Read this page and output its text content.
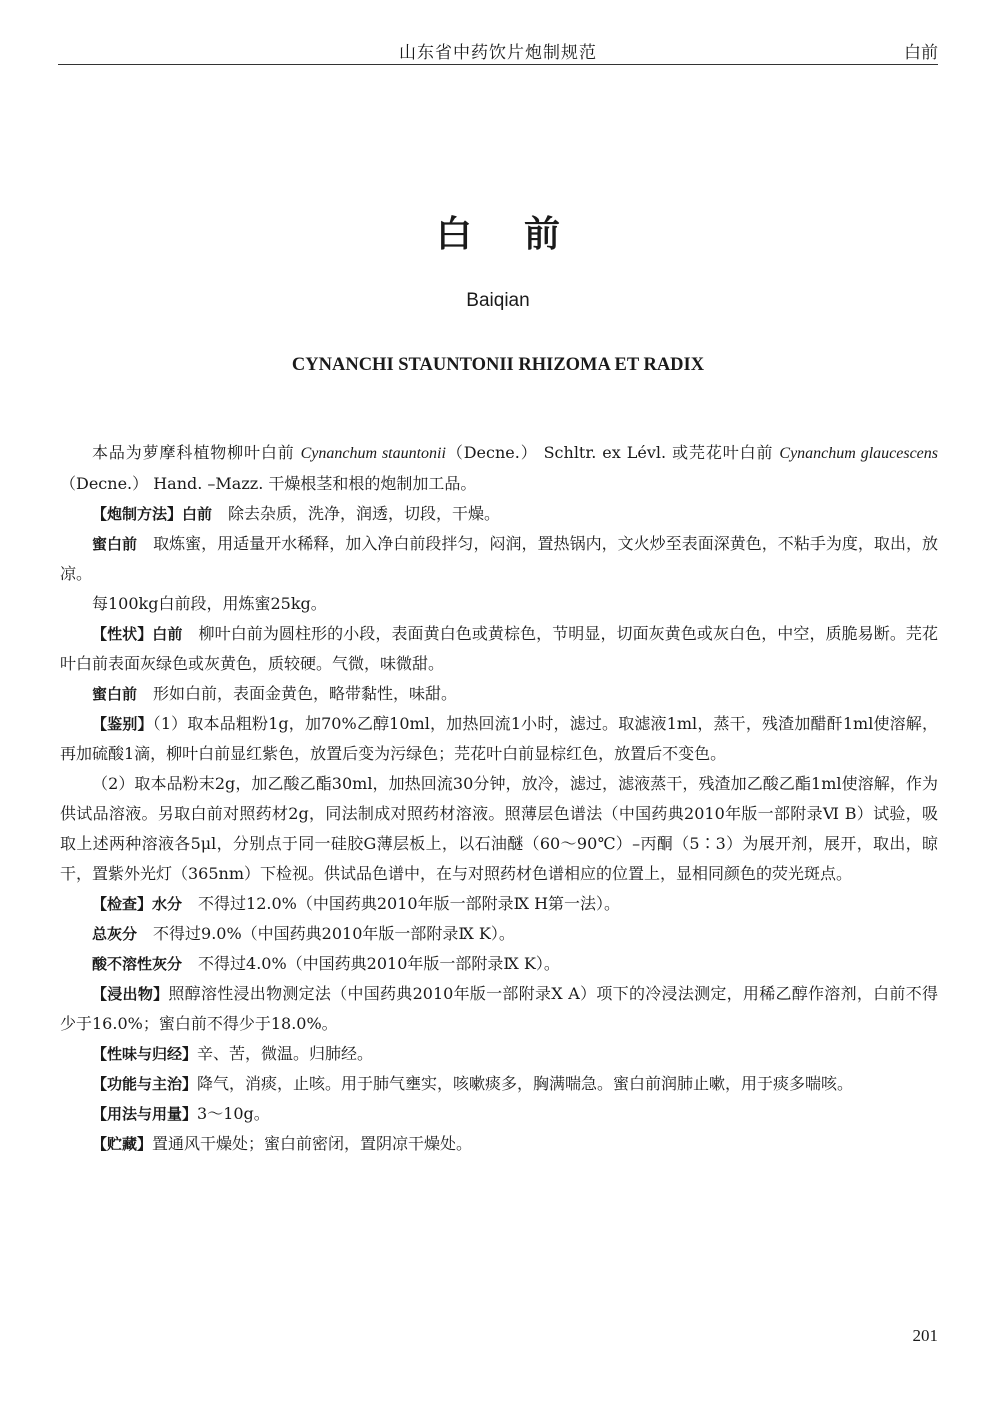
山东省中药饮片炮制规范	白前
白前
Baiqian
CYNANCHI STAUNTONII RHIZOMA ET RADIX

本品为萝摩科植物柳叶白前 Cynanchum stauntonii（Decne.） Schltr. ex Lévl. 或芫花叶白前 Cynanchum glaucescens（Decne.） Hand. –Mazz. 干燥根茎和根的炮制加工品。

【炮制方法】白前　除去杂质，洗净，润透，切段，干燥。

蜜白前　取炼蜜，用适量开水稀释，加入净白前段拌匀，闷润，置热锅内，文火炒至表面深黄色，不粘手为度，取出，放凉。

每100kg白前段，用炼蜜25kg。

【性状】白前　柳叶白前为圆柱形的小段，表面黄白色或黄棕色，节明显，切面灰黄色或灰白色，中空，质脆易断。芫花叶白前表面灰绿色或灰黄色，质较硬。气微，味微甜。

蜜白前　形如白前，表面金黄色，略带黏性，味甜。

【鉴别】（1）取本品粗粉1g，加70%乙醇10ml，加热回流1小时，滤过。取滤液1ml，蒸干，残渣加醋酐1ml使溶解，再加硫酸1滴，柳叶白前显红紫色，放置后变为污绿色；芫花叶白前显棕红色，放置后不变色。

（2）取本品粉末2g，加乙酸乙酯30ml，加热回流30分钟，放冷，滤过，滤液蒸干，残渣加乙酸乙酯1ml使溶解，作为供试品溶液。另取白前对照药材2g，同法制成对照药材溶液。照薄层色谱法（中国药典2010年版一部附录Ⅵ B）试验，吸取上述两种溶液各5μl，分别点于同一硅胶G薄层板上，以石油醚（60～90℃）–丙酮（5∶3）为展开剂，展开，取出，晾干，置紫外光灯（365nm）下检视。供试品色谱中，在与对照药材色谱相应的位置上，显相同颜色的荧光斑点。

【检查】水分　不得过12.0%（中国药典2010年版一部附录Ⅸ H第一法）。

总灰分　不得过9.0%（中国药典2010年版一部附录Ⅸ K）。

酸不溶性灰分　不得过4.0%（中国药典2010年版一部附录Ⅸ K）。

【浸出物】照醇溶性浸出物测定法（中国药典2010年版一部附录Ⅹ A）项下的冷浸法测定，用稀乙醇作溶剂，白前不得少于16.0%；蜜白前不得少于18.0%。

【性味与归经】辛、苦，微温。归肺经。

【功能与主治】降气，消痰，止咳。用于肺气壅实，咳嗽痰多，胸满喘急。蜜白前润肺止嗽，用于痰多喘咳。

【用法与用量】3～10g。

【贮藏】置通风干燥处；蜜白前密闭，置阴凉干燥处。

201
